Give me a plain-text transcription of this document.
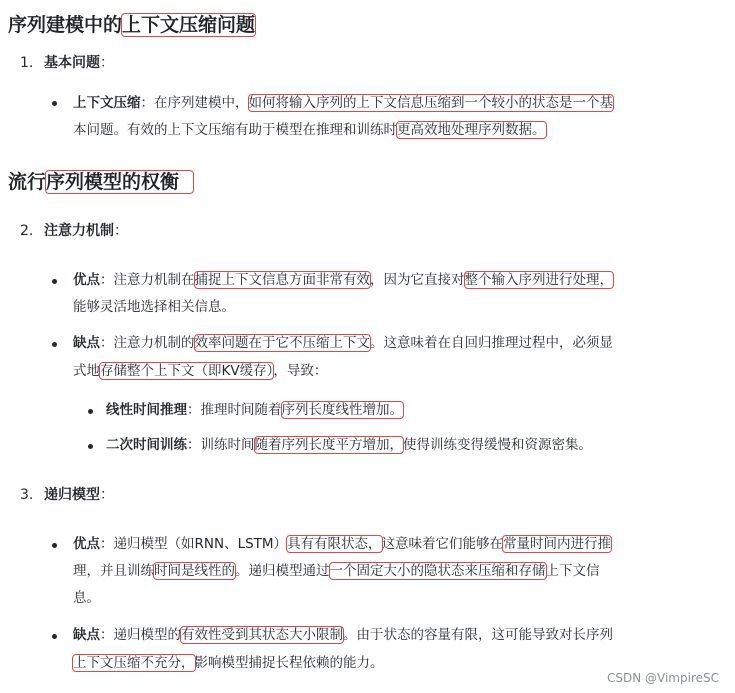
序列建模中的上下文压缩问题
1. 基本问题：
上下文压缩：在序列建模中，如何将输入序列的上下文信息压缩到一个较小的状态是一个基
本问题。有效的上下文压缩有助于模型在推理和训练时更高效地处理序列数据。
流行序列模型的权衡
2. 注意力机制：
优点：注意力机制在捕捉上下文信息方面非常有效，因为它直接对整个输入序列进行处理，
能够灵活地选择相关信息。
缺点：注意力机制的效率问题在于它不压缩上下文。这意味着在自回归推理过程中，必须显
式地存储整个上下文（即KV缓存），导致：
线性时间推理：推理时间随着序列长度线性增加。
二次时间训练：训练时间随着序列长度平方增加，使得训练变得缓慢和资源密集。
3. 递归模型：
优点：递归模型（如RNN、LSTM）具有有限状态，这意味着它们能够在常量时间内进行推
理，并且训练时间是线性的。递归模型通过一个固定大小的隐状态来压缩和存储上下文信
息。
缺点：递归模型的有效性受到其状态大小限制。由于状态的容量有限，这可能导致对长序列
上下文压缩不充分，影响模型捕捉长程依赖的能力。
CSDN @VimpireSC
